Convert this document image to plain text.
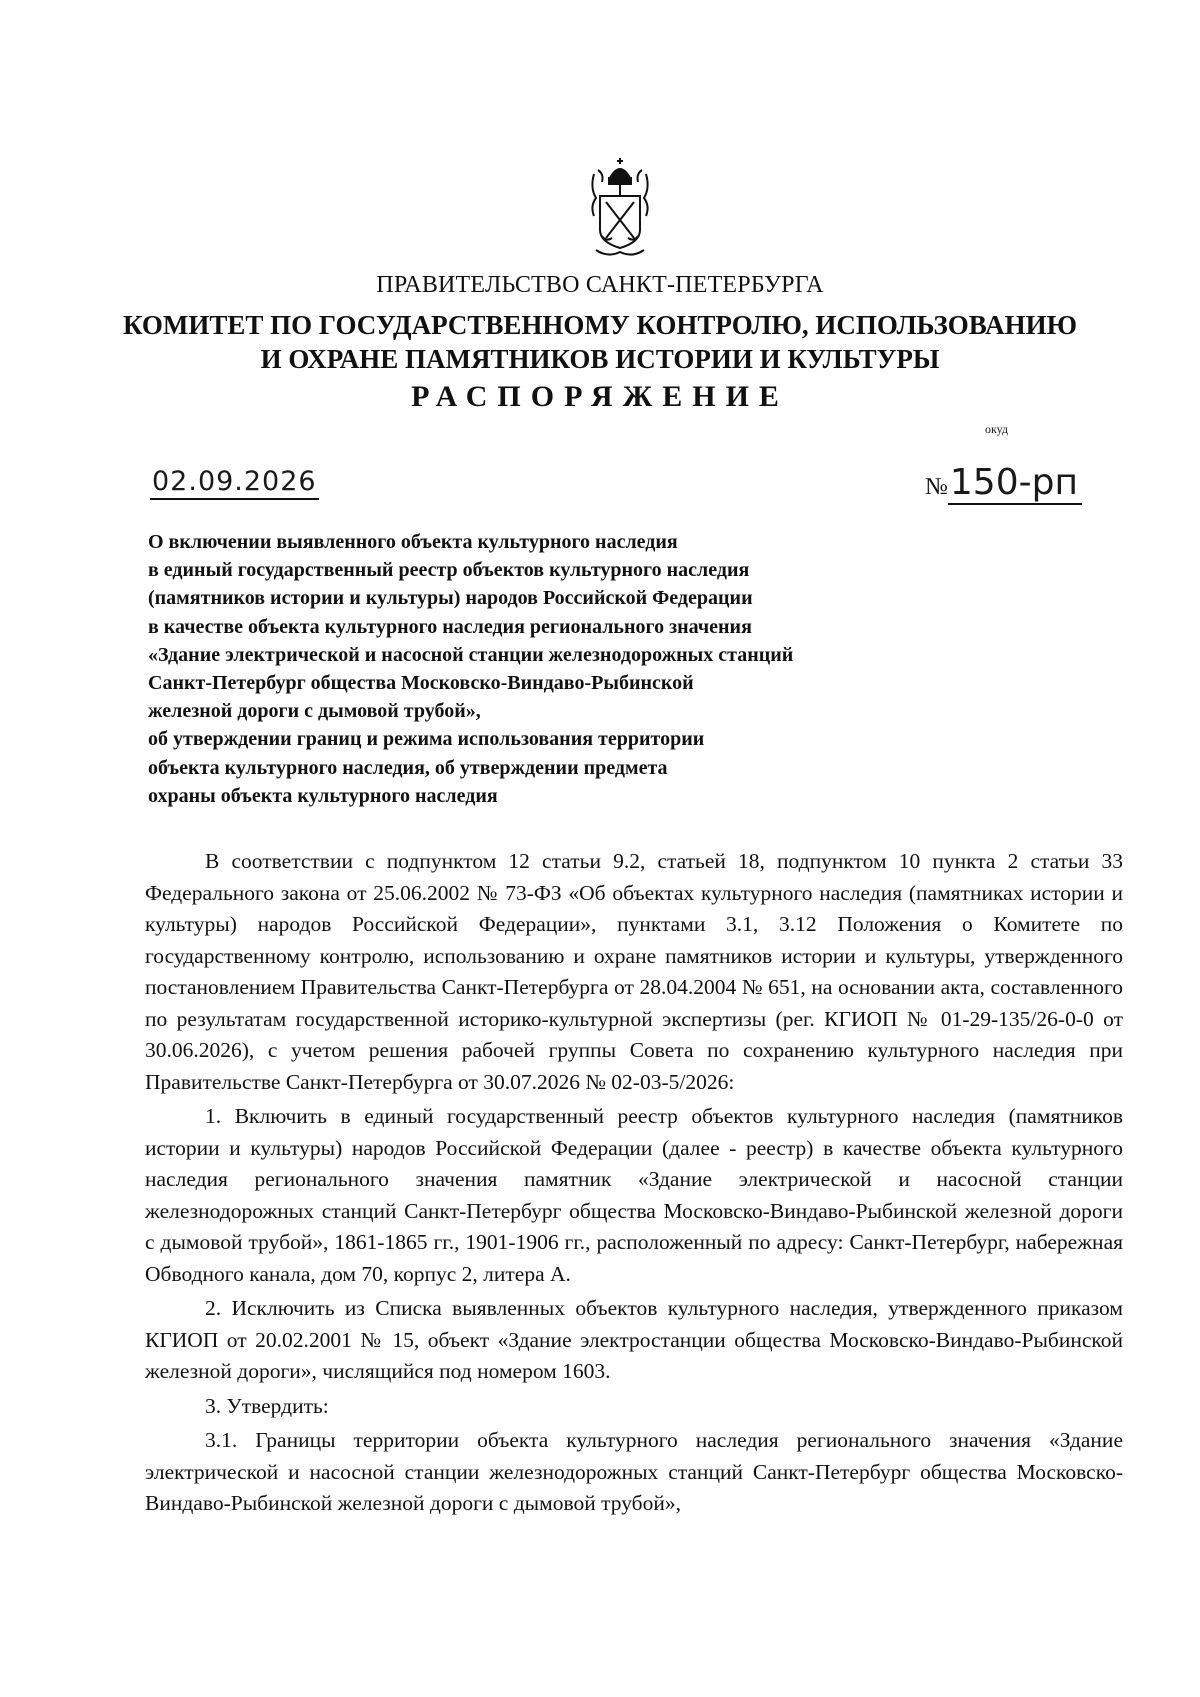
ПРАВИТЕЛЬСТВО САНКТ-ПЕТЕРБУРГА
КОМИТЕТ ПО ГОСУДАРСТВЕННОМУ КОНТРОЛЮ, ИСПОЛЬЗОВАНИЮ
И ОХРАНЕ ПАМЯТНИКОВ ИСТОРИИ И КУЛЬТУРЫ
РАСПОРЯЖЕНИЕ
окуд
02.09.2026	№150-рп
О включении выявленного объекта культурного наследия
в единый государственный реестр объектов культурного наследия
(памятников истории и культуры) народов Российской Федерации
в качестве объекта культурного наследия регионального значения
«Здание электрической и насосной станции железнодорожных станций
Санкт-Петербург общества Московско-Виндаво-Рыбинской
железной дороги с дымовой трубой»,
об утверждении границ и режима использования территории
объекта культурного наследия, об утверждении предмета
охраны объекта культурного наследия

В соответствии с подпунктом 12 статьи 9.2, статьей 18, подпунктом 10 пункта 2 статьи 33 Федерального закона от 25.06.2002 № 73-ФЗ «Об объектах культурного наследия (памятниках истории и культуры) народов Российской Федерации», пунктами 3.1, 3.12 Положения о Комитете по государственному контролю, использованию и охране памятников истории и культуры, утвержденного постановлением Правительства Санкт-Петербурга от 28.04.2004 № 651, на основании акта, составленного по результатам государственной историко-культурной экспертизы (рег. КГИОП № 01-29-135/26-0-0 от 30.06.2026), с учетом решения рабочей группы Совета по сохранению культурного наследия при Правительстве Санкт-Петербурга от 30.07.2026 № 02-03-5/2026:

1. Включить в единый государственный реестр объектов культурного наследия (памятников истории и культуры) народов Российской Федерации (далее - реестр) в качестве объекта культурного наследия регионального значения памятник «Здание электрической и насосной станции железнодорожных станций Санкт-Петербург общества Московско-Виндаво-Рыбинской железной дороги с дымовой трубой», 1861-1865 гг., 1901-1906 гг., расположенный по адресу: Санкт-Петербург, набережная Обводного канала, дом 70, корпус 2, литера А.

2. Исключить из Списка выявленных объектов культурного наследия, утвержденного приказом КГИОП от 20.02.2001 № 15, объект «Здание электростанции общества Московско-Виндаво-Рыбинской железной дороги», числящийся под номером 1603.

3. Утвердить:

3.1. Границы территории объекта культурного наследия регионального значения «Здание электрической и насосной станции железнодорожных станций Санкт-Петербург общества Московско-Виндаво-Рыбинской железной дороги с дымовой трубой»,
